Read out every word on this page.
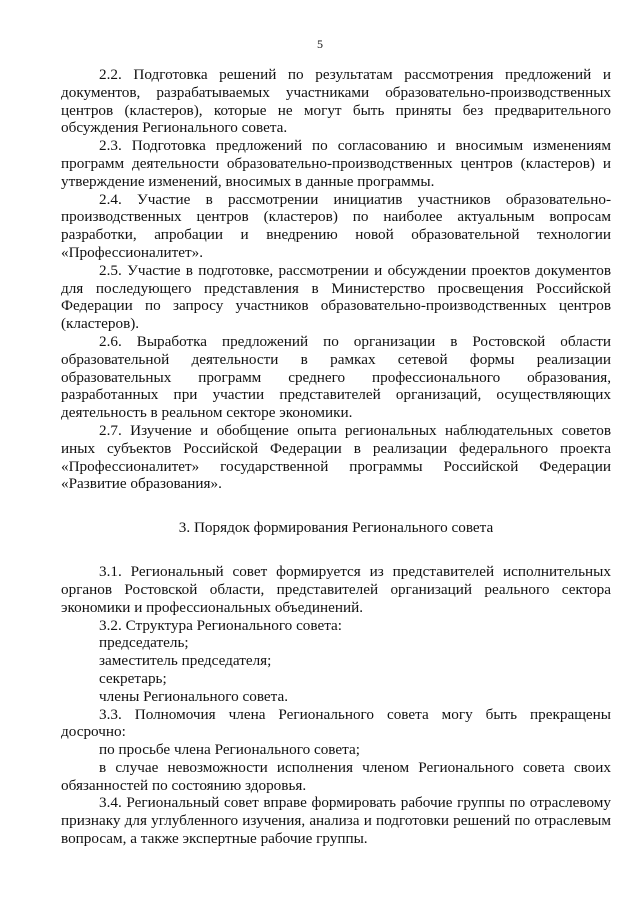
5

2.2. Подготовка решений по результатам рассмотрения предложений и документов, разрабатываемых участниками образовательно-производственных центров (кластеров), которые не могут быть приняты без предварительного обсуждения Регионального совета.

2.3. Подготовка предложений по согласованию и вносимым изменениям программ деятельности образовательно-производственных центров (кластеров) и утверждение изменений, вносимых в данные программы.

2.4. Участие в рассмотрении инициатив участников образовательно-производственных центров (кластеров) по наиболее актуальным вопросам разработки, апробации и внедрению новой образовательной технологии «Профессионалитет».

2.5. Участие в подготовке, рассмотрении и обсуждении проектов документов для последующего представления в Министерство просвещения Российской Федерации по запросу участников образовательно-производственных центров (кластеров).

2.6. Выработка предложений по организации в Ростовской области образовательной деятельности в рамках сетевой формы реализации образовательных программ среднего профессионального образования, разработанных при участии представителей организаций, осуществляющих деятельность в реальном секторе экономики.

2.7. Изучение и обобщение опыта региональных наблюдательных советов иных субъектов Российской Федерации в реализации федерального проекта «Профессионалитет» государственной программы Российской Федерации «Развитие образования».

3. Порядок формирования Регионального совета

3.1. Региональный совет формируется из представителей исполнительных органов Ростовской области, представителей организаций реального сектора экономики и профессиональных объединений.

3.2. Структура Регионального совета:

председатель;

заместитель председателя;

секретарь;

члены Регионального совета.

3.3. Полномочия члена Регионального совета могу быть прекращены досрочно:

по просьбе члена Регионального совета;

в случае невозможности исполнения членом Регионального совета своих обязанностей по состоянию здоровья.

3.4. Региональный совет вправе формировать рабочие группы по отраслевому признаку для углубленного изучения, анализа и подготовки решений по отраслевым вопросам, а также экспертные рабочие группы.
